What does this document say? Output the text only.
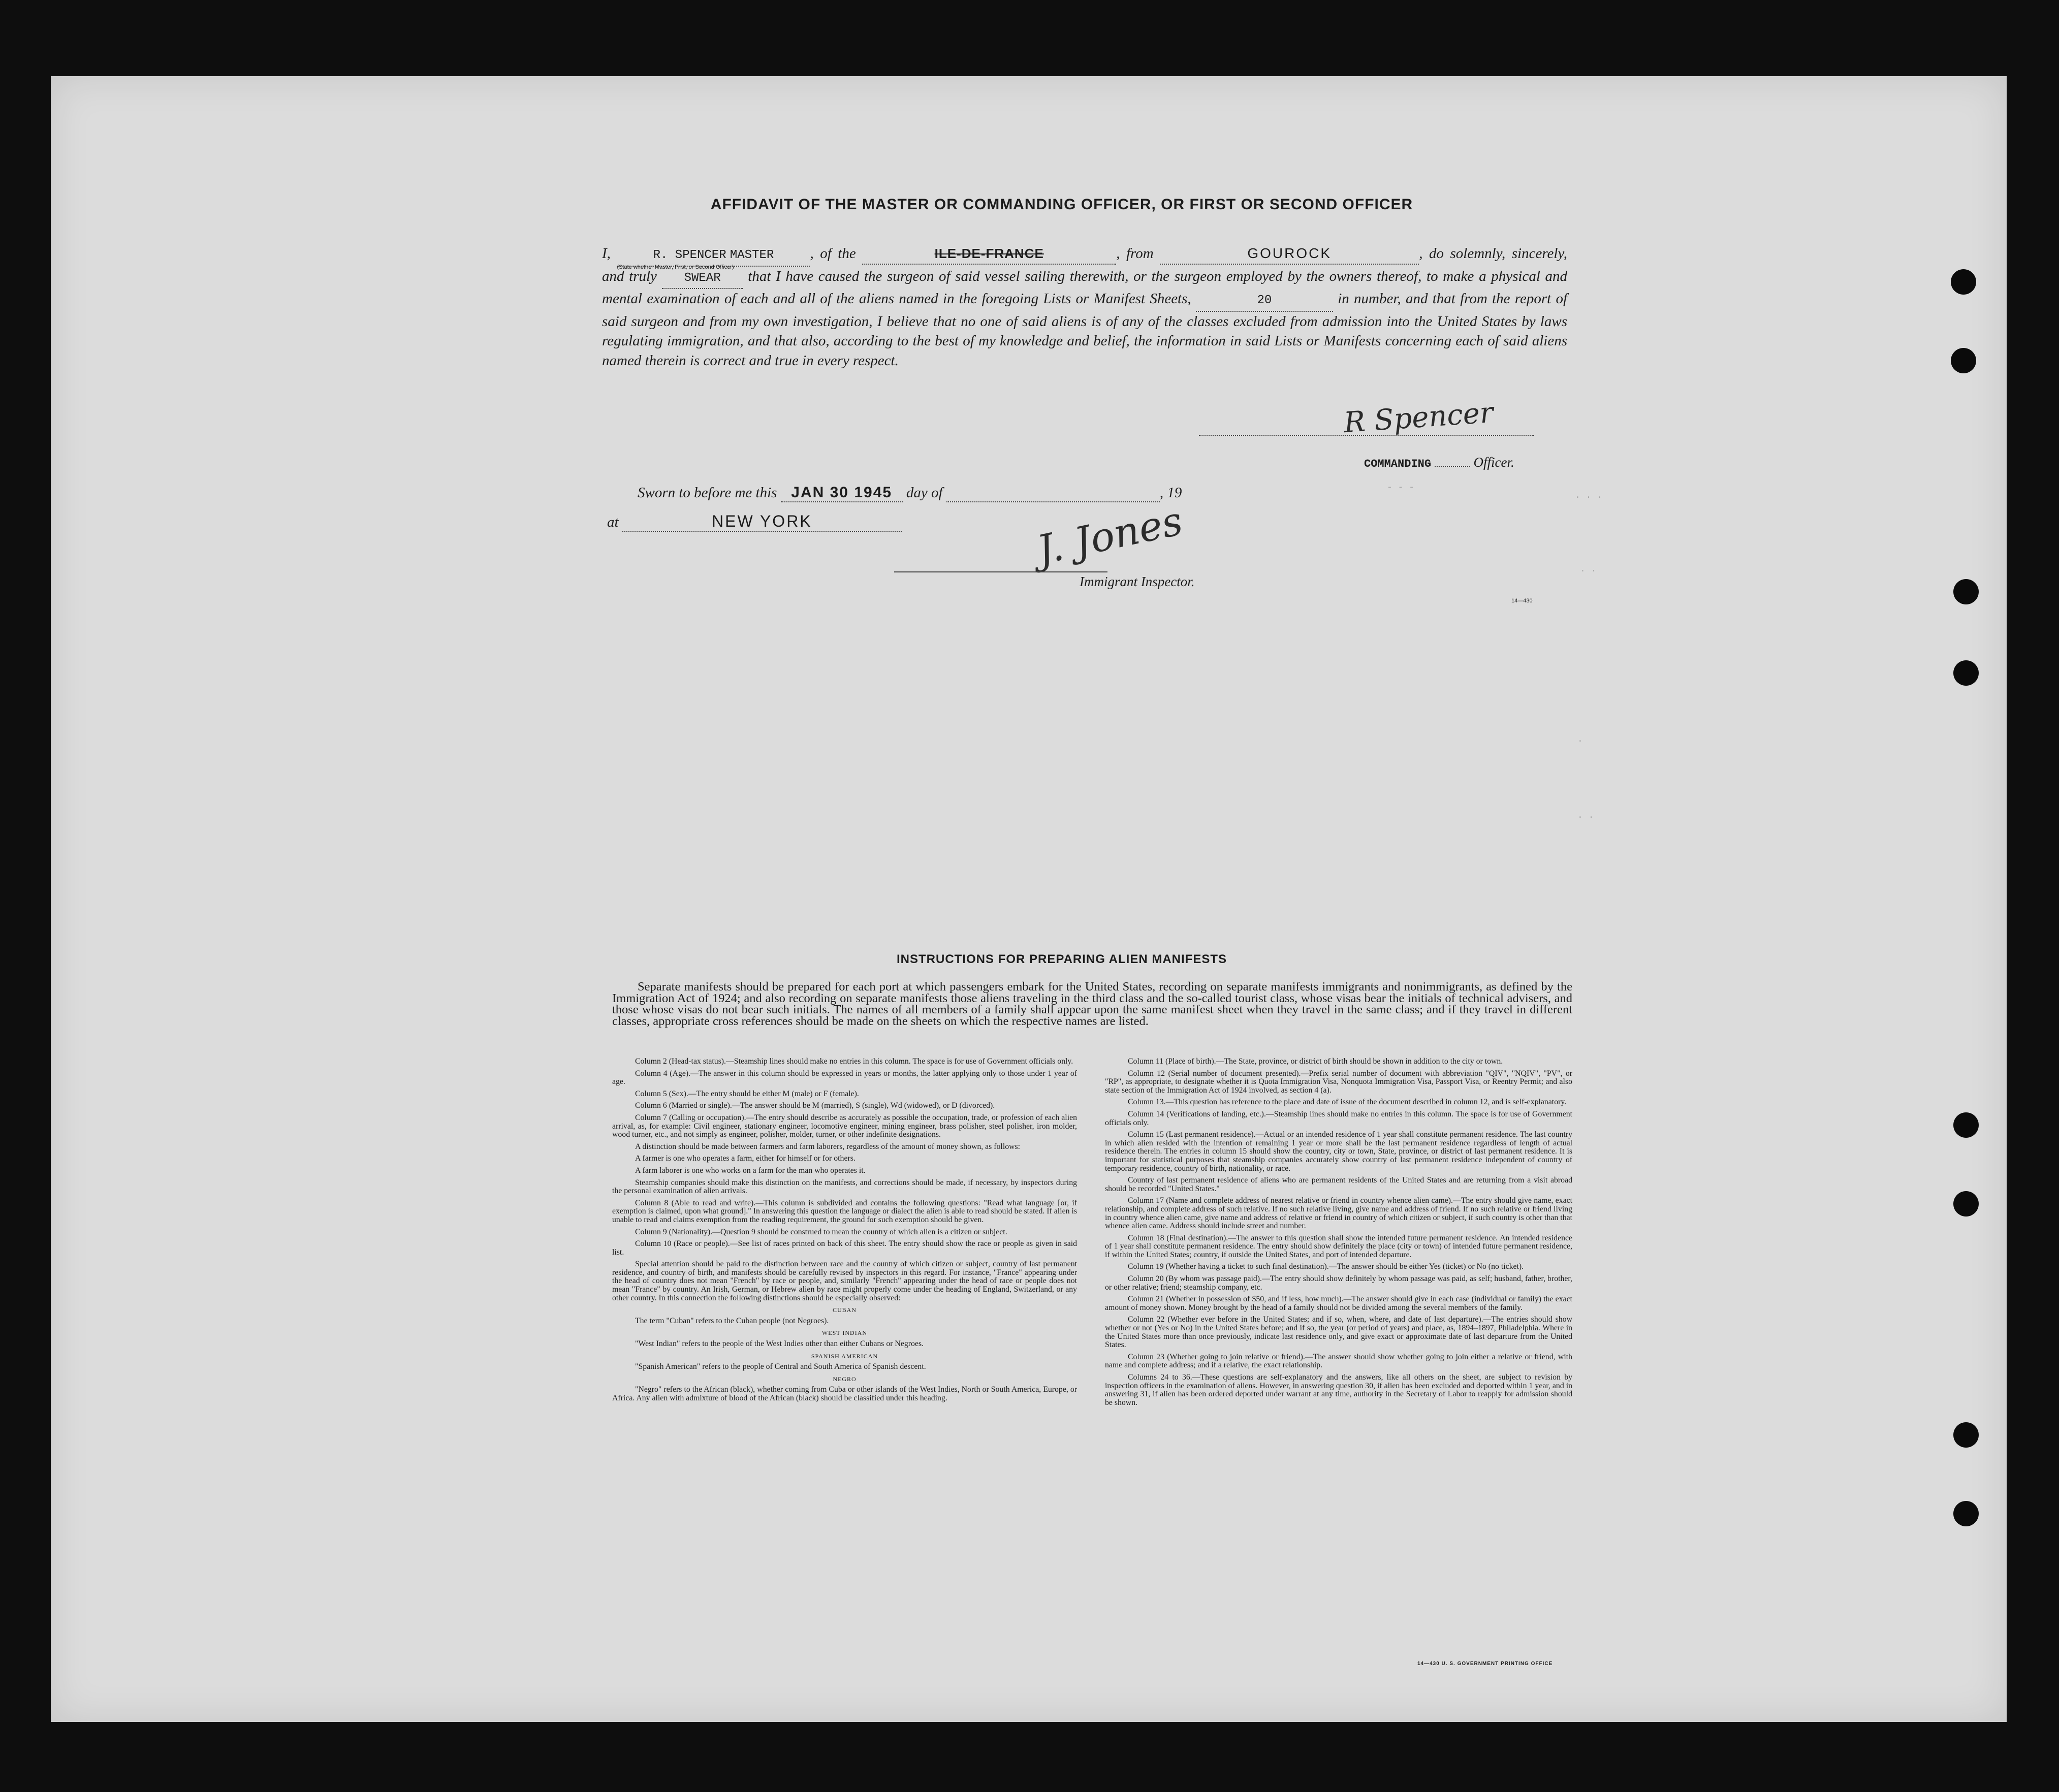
AFFIDAVIT OF THE MASTER OR COMMANDING OFFICER, OR FIRST OR SECOND OFFICER
I,	R. SPENCER MASTER
(State whether Master, First, or Second Officer)
, of the	ILE-DE-FRANCE	, from	GOUROCK	, do solemnly, sincerely, and truly SWEAR that I have caused the surgeon of said vessel sailing therewith, or the surgeon employed by the owners thereof, to make a physical and mental examination of each and all of the aliens named in the foregoing Lists or Manifest Sheets,	20	in number, and that from the report of said surgeon and from my own investigation, I believe that no one of said aliens is of any of the classes excluded from admission into the United States by laws regulating immigration, and that also, according to the best of my knowledge and belief, the information in said Lists or Manifests concerning each of said aliens named therein is correct and true in every respect.
R Spencer
COMMANDING	Officer.
Sworn to before me this JAN 30 1945 day of	, 19
at	NEW YORK	J. Jones
Immigrant Inspector.
14—430
- - -
· · ·
· ·
·
· ·
INSTRUCTIONS FOR PREPARING ALIEN MANIFESTS
Separate manifests should be prepared for each port at which passengers embark for the United States, recording on separate manifests immigrants and nonimmigrants, as defined by the Immigration Act of 1924; and also recording on separate manifests those aliens traveling in the third class and the so-called tourist class, whose visas bear the initials of technical advisers, and those whose visas do not bear such initials. The names of all members of a family shall appear upon the same manifest sheet when they travel in the same class; and if they travel in different classes, appropriate cross references should be made on the sheets on which the respective names are listed.

Column 2 (Head-tax status).—Steamship lines should make no entries in this column. The space is for use of Government officials only.

Column 4 (Age).—The answer in this column should be expressed in years or months, the latter applying only to those under 1 year of age.

Column 5 (Sex).—The entry should be either M (male) or F (female).

Column 6 (Married or single).—The answer should be M (married), S (single), Wd (widowed), or D (divorced).

Column 7 (Calling or occupation).—The entry should describe as accurately as possible the occupation, trade, or profession of each alien arrival, as, for example: Civil engineer, stationary engineer, locomotive engineer, mining engineer, brass polisher, steel polisher, iron molder, wood turner, etc., and not simply as engineer, polisher, molder, turner, or other indefinite designations.

A distinction should be made between farmers and farm laborers, regardless of the amount of money shown, as follows:

A farmer is one who operates a farm, either for himself or for others.

A farm laborer is one who works on a farm for the man who operates it.

Steamship companies should make this distinction on the manifests, and corrections should be made, if necessary, by inspectors during the personal examination of alien arrivals.

Column 8 (Able to read and write).—This column is subdivided and contains the following questions: "Read what language [or, if exemption is claimed, upon what ground]." In answering this question the language or dialect the alien is able to read should be stated. If alien is unable to read and claims exemption from the reading requirement, the ground for such exemption should be given.

Column 9 (Nationality).—Question 9 should be construed to mean the country of which alien is a citizen or subject.

Column 10 (Race or people).—See list of races printed on back of this sheet. The entry should show the race or people as given in said list.

Special attention should be paid to the distinction between race and the country of which citizen or subject, country of last permanent residence, and country of birth, and manifests should be carefully revised by inspectors in this regard. For instance, "France" appearing under the head of country does not mean "French" by race or people, and, similarly "French" appearing under the head of race or people does not mean "France" by country. An Irish, German, or Hebrew alien by race might properly come under the heading of England, Switzerland, or any other country. In this connection the following distinctions should be especially observed:

CUBAN

The term "Cuban" refers to the Cuban people (not Negroes).

WEST INDIAN

"West Indian" refers to the people of the West Indies other than either Cubans or Negroes.

SPANISH AMERICAN

"Spanish American" refers to the people of Central and South America of Spanish descent.

NEGRO

"Negro" refers to the African (black), whether coming from Cuba or other islands of the West Indies, North or South America, Europe, or Africa. Any alien with admixture of blood of the African (black) should be classified under this heading.

Column 11 (Place of birth).—The State, province, or district of birth should be shown in addition to the city or town.

Column 12 (Serial number of document presented).—Prefix serial number of document with abbreviation "QIV", "NQIV", "PV", or "RP", as appropriate, to designate whether it is Quota Immigration Visa, Nonquota Immigration Visa, Passport Visa, or Reentry Permit; and also state section of the Immigration Act of 1924 involved, as section 4 (a).

Column 13.—This question has reference to the place and date of issue of the document described in column 12, and is self-explanatory.

Column 14 (Verifications of landing, etc.).—Steamship lines should make no entries in this column. The space is for use of Government officials only.

Column 15 (Last permanent residence).—Actual or an intended residence of 1 year shall constitute permanent residence. The last country in which alien resided with the intention of remaining 1 year or more shall be the last permanent residence regardless of length of actual residence therein. The entries in column 15 should show the country, city or town, State, province, or district of last permanent residence. It is important for statistical purposes that steamship companies accurately show country of last permanent residence independent of country of temporary residence, country of birth, nationality, or race.

Country of last permanent residence of aliens who are permanent residents of the United States and are returning from a visit abroad should be recorded "United States."

Column 17 (Name and complete address of nearest relative or friend in country whence alien came).—The entry should give name, exact relationship, and complete address of such relative. If no such relative living, give name and address of friend. If no such relative or friend living in country whence alien came, give name and address of relative or friend in country of which citizen or subject, if such country is other than that whence alien came. Address should include street and number.

Column 18 (Final destination).—The answer to this question shall show the intended future permanent residence. An intended residence of 1 year shall constitute permanent residence. The entry should show definitely the place (city or town) of intended future permanent residence, if within the United States; country, if outside the United States, and port of intended departure.

Column 19 (Whether having a ticket to such final destination).—The answer should be either Yes (ticket) or No (no ticket).

Column 20 (By whom was passage paid).—The entry should show definitely by whom passage was paid, as self; husband, father, brother, or other relative; friend; steamship company, etc.

Column 21 (Whether in possession of $50, and if less, how much).—The answer should give in each case (individual or family) the exact amount of money shown. Money brought by the head of a family should not be divided among the several members of the family.

Column 22 (Whether ever before in the United States; and if so, when, where, and date of last departure).—The entries should show whether or not (Yes or No) in the United States before; and if so, the year (or period of years) and place, as, 1894–1897, Philadelphia. Where in the United States more than once previously, indicate last residence only, and give exact or approximate date of last departure from the United States.

Column 23 (Whether going to join relative or friend).—The answer should show whether going to join either a relative or friend, with name and complete address; and if a relative, the exact relationship.

Columns 24 to 36.—These questions are self-explanatory and the answers, like all others on the sheet, are subject to revision by inspection officers in the examination of aliens. However, in answering question 30, if alien has been excluded and deported within 1 year, and in answering 31, if alien has been ordered deported under warrant at any time, authority in the Secretary of Labor to reapply for admission should be shown.

14—430 U. S. GOVERNMENT PRINTING OFFICE
